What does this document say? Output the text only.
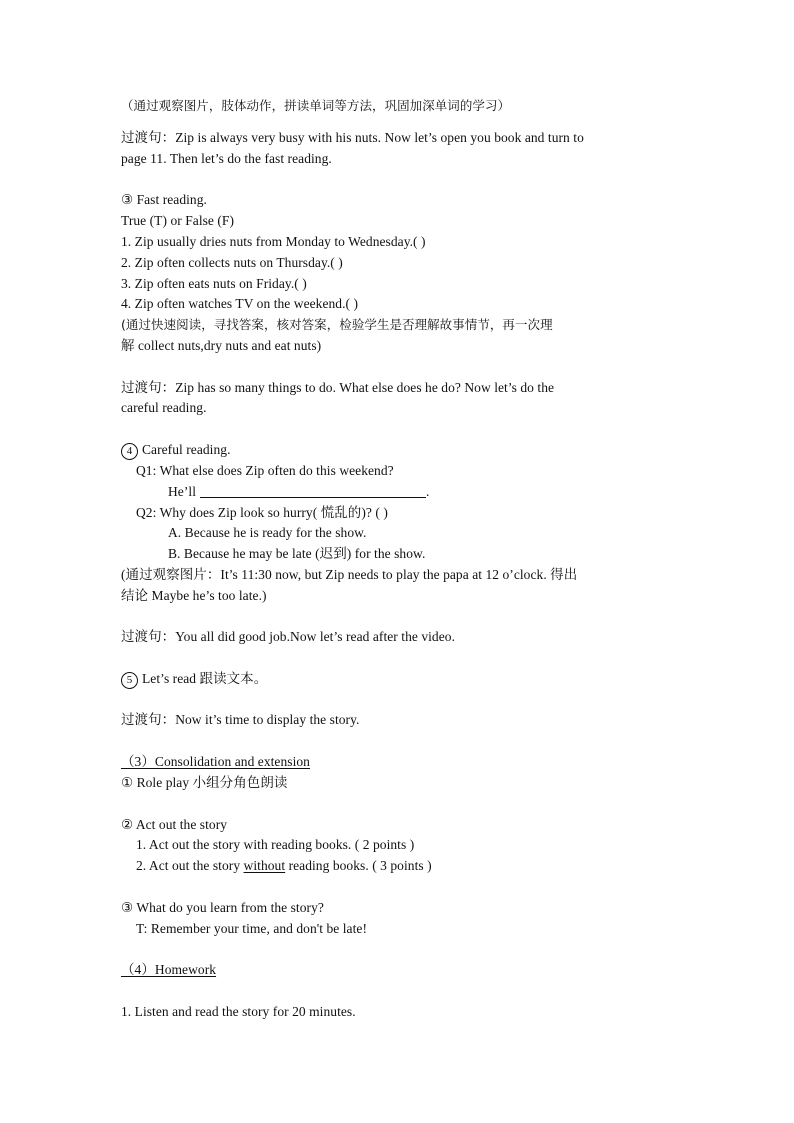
（通过观察图片，肢体动作，拼读单词等方法，巩固加深单词的学习）
过渡句：Zip is always very busy with his nuts. Now let’s open you book and turn to
page 11. Then let’s do the fast reading.
③ Fast reading.
True (T) or False (F)
1. Zip usually dries nuts from Monday to Wednesday.( )
2. Zip often collects nuts on Thursday.( )
3. Zip often eats nuts on Friday.( )
4. Zip often watches TV on the weekend.( )
(通过快速阅读，寻找答案，核对答案，检验学生是否理解故事情节，再一次理
解 collect nuts,dry nuts and eat nuts)
过渡句：Zip has so many things to do. What else does he do? Now let’s do the
careful reading.
4 Careful reading.
Q1: What else does Zip often do this weekend?
He’ll	.
Q2: Why does Zip look so hurry( 慌乱的)? ( )
A. Because he is ready for the show.
B. Because he may be late (迟到) for the show.
(通过观察图片：It’s 11:30 now, but Zip needs to play the papa at 12 o’clock. 得出
结论 Maybe he’s too late.)
过渡句：You all did good job.Now let’s read after the video.
5 Let’s read 跟读文本。
过渡句：Now it’s time to display the story.
（3）Consolidation and extension
① Role play 小组分角色朗读
② Act out the story
1. Act out the story with reading books. ( 2 points )
2. Act out the story without reading books. ( 3 points )
③ What do you learn from the story?
T: Remember your time, and don't be late!
（4）Homework
1. Listen and read the story for 20 minutes.
